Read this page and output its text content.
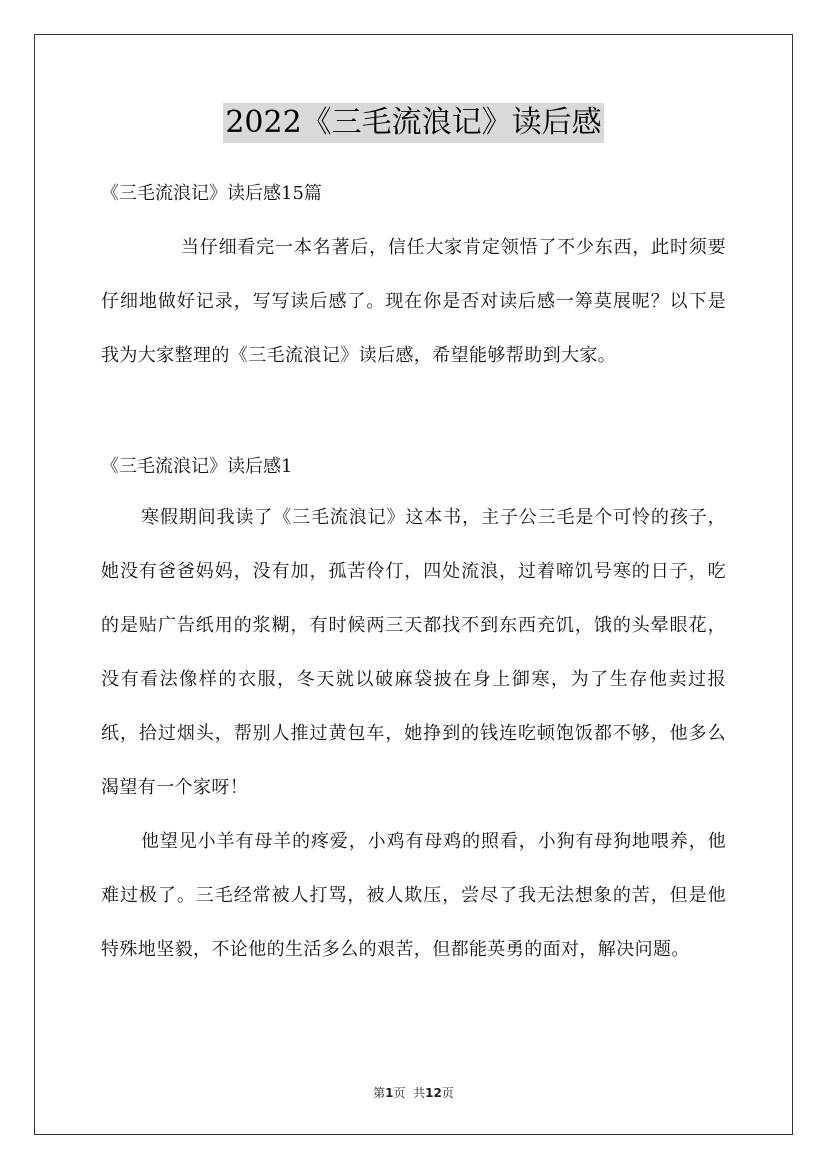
2022《三毛流浪记》读后感

《三毛流浪记》读后感15篇

当仔细看完一本名著后，信任大家肯定领悟了不少东西，此时须要仔细地做好记录，写写读后感了。现在你是否对读后感一筹莫展呢？以下是我为大家整理的《三毛流浪记》读后感，希望能够帮助到大家。

《三毛流浪记》读后感1

寒假期间我读了《三毛流浪记》这本书，主子公三毛是个可怜的孩子，她没有爸爸妈妈，没有加，孤苦伶仃，四处流浪，过着啼饥号寒的日子，吃的是贴广告纸用的浆糊，有时候两三天都找不到东西充饥，饿的头晕眼花，没有看法像样的衣服，冬天就以破麻袋披在身上御寒，为了生存他卖过报纸，拾过烟头，帮别人推过黄包车，她挣到的钱连吃顿饱饭都不够，他多么渴望有一个家呀！

他望见小羊有母羊的疼爱，小鸡有母鸡的照看，小狗有母狗地喂养，他难过极了。三毛经常被人打骂，被人欺压，尝尽了我无法想象的苦，但是他特殊地坚毅，不论他的生活多么的艰苦，但都能英勇的面对，解决问题。

第1页  共12页
